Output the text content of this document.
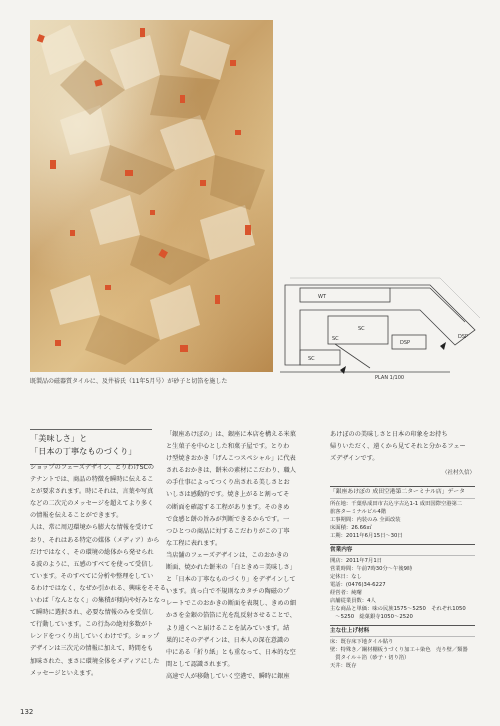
既製品の磁器質タイルに、及井裕氏（11年5月号）が砂子と切箔を施した
WT
SC
SC	DSP
SC
DSP
PLAN 1/100
「美味しさ」と
「日本の丁寧なものづくり」
ショップのフェーズデザイン、とりわけSCの
テナントでは、商品の特徴を瞬時に伝えるこ
とが要求されます。時にそれは、言葉や写真
などの二次元のメッセージを超えてより多く
の情報を伝えることができます。
人は、常に周辺環境から膨大な情報を受けて
おり、それはある特定の媒体（メディア）から
だけではなく、その環境の総体から発せられ
る波のように、五感のすべてを使って受信し
ています。そのすべてに分析や整理をしてい
るわけではなく、なぜか引かれる、興味をそそる、
いわば「なんとなく」の集積が傾向や好みとなっ
て瞬時に選択され、必要な情報のみを受信し
て行動しています。この行為の絶対多数がト
レンドをつくり出していくわけです。ショップ
デザインは三次元の情報に加えて、時間をも
加味された、まさに環境全体をメディアにした
メッセージといえます。
「銀座あけぼの」は、銀座に本店を構える米菓
と生菓子を中心とした和菓子屋です。とりわ
け型焼きおかき「げんこつスペシャル」に代表
されるおかきは、餅米の素材にこだわり、職人
の手仕事によってつくり出される美しさとお
いしさは感動的です。焼き上がると割ってそ
の断面を確認する工程があります。そのきめ
で食感と餅の旨みが判断できるからです。一
つひとつの商品に対するこだわりがこの丁寧
な工程に表れます。
当店舗のフェーズデザインは、このおかきの
断面、焼かれた餅米の「白ときめ＝美味しさ」
と「日本の丁寧なものづくり」をデザインして
います。真っ白で不規則なカタチの陶磁のプ
レートでこのおかきの断面を表現し、きめの細
かさを金銀の箔箔に光を乱反射させることで、
より遠くへと届けることを試みています。結
果的にそのデザインは、日本人の深在意識の
中にある「折り紙」とも重なって、日本的な空
間として認識されます。
高速で人が移動していく空港で、瞬時に銀座
あけぼのの美味しさと日本の印象をお持ち
帰りいただく、遠くから見てそれと分かるフェー
ズデザインです。
（社村久信）
「銀座あけぼの 成田空港第二ターミナル店」データ
所在地：千葉県成田市古込字古込1-1 成田国際空港第二
旅客ターミナルビル4階
工事期間：内装のみ 全面改装
床面積：26.66㎡
工期：2011年6月15日〜30日
営業内容
開店：2011年7月1日
営業時間：午前7時30分〜午後9時
定休日：なし
電話：(0476)34-6227
経営者：純曙
店舗従業員数：4人
主な商品と単価：味の民族1575〜5250　それぞれ1050
　〜5250　総菓銀寺1050〜2520
主な仕上げ材料
床：既存床下地タイル貼り
壁：特殊き／鋼材棚板うづくり加工＋染色　売り壁／類器
　質タイル＋箔（砂子・切り箔）
天井：既存
132
